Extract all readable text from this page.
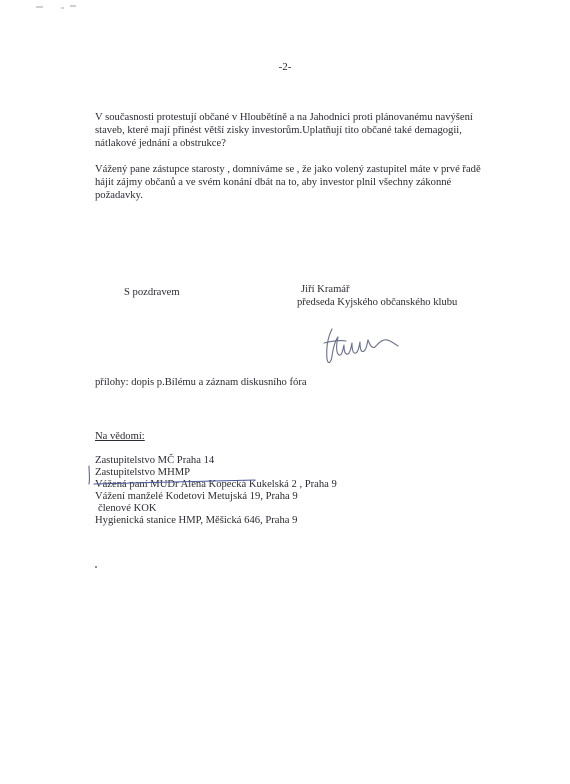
-2-

V současnosti protestují občané v Hloubětíně a na Jahodnici proti plánovanému navýšení
staveb, které mají přinést větší zisky investorům.Uplatňují tito občané také demagogii,
nátlakové jednání a obstrukce?

Vážený pane zástupce starosty , domníváme se , že jako volený zastupitel máte v prvé řadě
hájit zájmy občanů a ve svém konání dbát na to, aby investor plnil všechny zákonné
požadavky.

S pozdravem	Jiří Kramář
předseda Kyjského občanského klubu
přílohy: dopis p.Bílému a záznam diskusního fóra
Na vědomí:
Zastupitelstvo MČ Praha 14
Zastupitelstvo MHMP
Vážená paní MUDr Alena Kopecká Kukelská 2 , Praha 9
Vážení manželé Kodetovi Metujská 19, Praha 9
členové KOK
Hygienická stanice HMP, Měšická 646, Praha 9
